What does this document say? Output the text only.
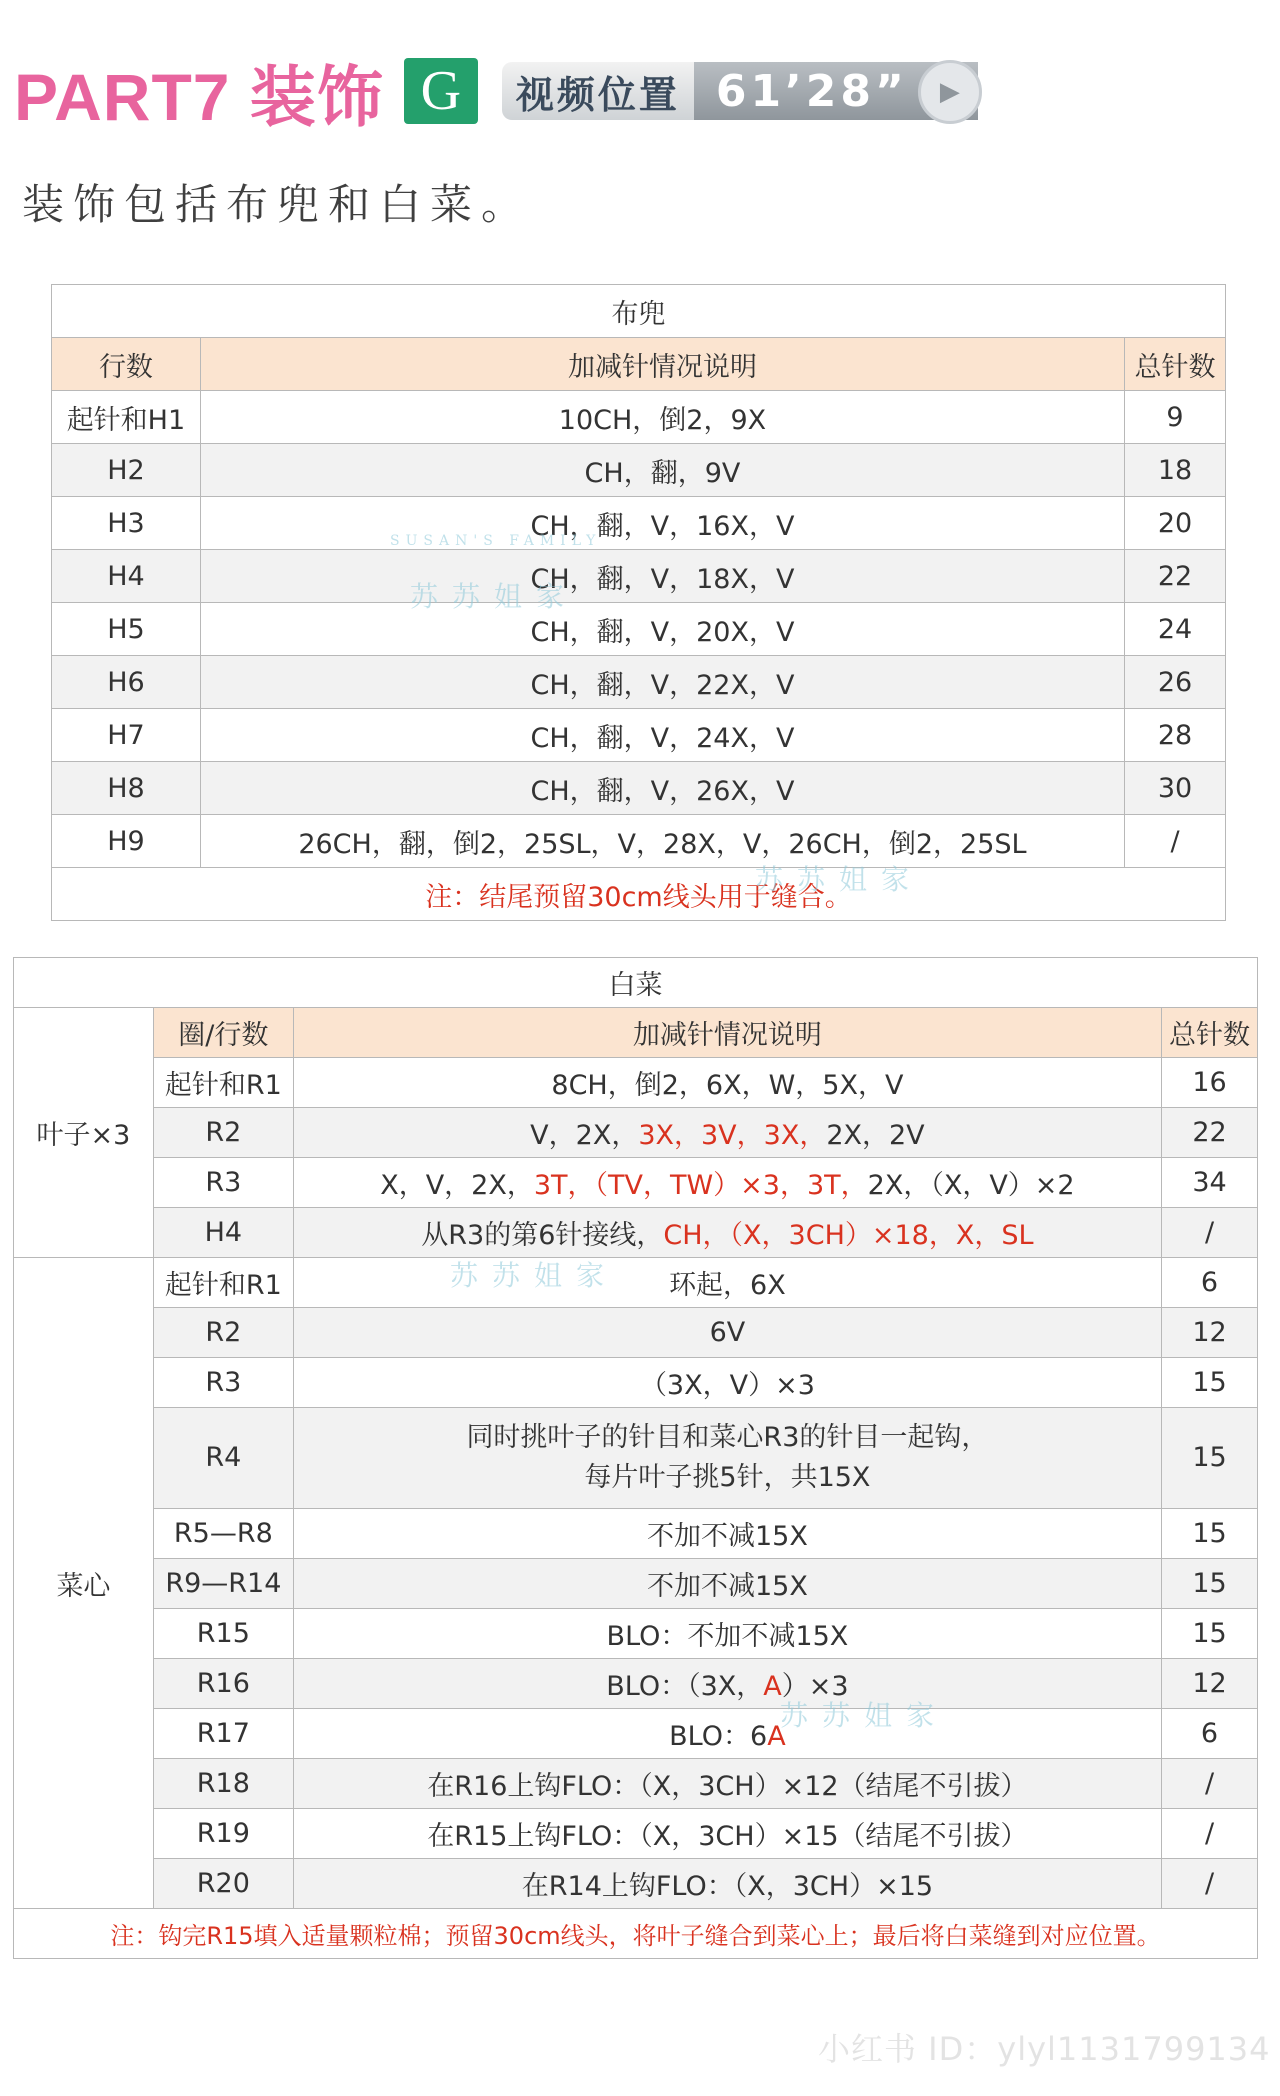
PART7 装饰 G	视频位置 61’28”	▶
装饰包括布兜和白菜。
布兜		
行数	加减针情况说明	总针数
起针和H1	10CH，倒2，9X	9
H2	CH，翻，9V	18
H3	CH，翻，V，16X，V	20
H4	CH，翻，V，18X，V	22
H5	CH，翻，V，20X，V	24
H6	CH，翻，V，22X，V	26
H7	CH，翻，V，24X，V	28
H8	CH，翻，V，26X，V	30
H9	26CH，翻，倒2，25SL，V，28X，V，26CH，倒2，25SL	/
注：结尾预留30cm线头用于缝合。		
白菜			
叶子×3	圈/行数	加减针情况说明	总针数
	起针和R1	8CH，倒2，6X，W，5X，V	16
	R2	V，2X，3X，3V，3X，2X，2V	22
	R3	X，V，2X，3T，（TV，TW）×3，3T，2X，（X，V）×2	34
	H4	从R3的第6针接线，CH，（X，3CH）×18，X，SL	/
菜心	起针和R1	环起，6X	6
	R2	6V	12
	R3	（3X，V）×3	15
	R4	同时挑叶子的针目和菜心R3的针目一起钩，
每片叶子挑5针，共15X	15
	R5—R8	不加不减15X	15
	R9—R14	不加不减15X	15
	R15	BLO：不加不减15X	15
	R16	BLO：（3X，A）×3	12
	R17	BLO：6A	6
	R18	在R16上钩FLO：（X，3CH）×12（结尾不引拔）	/
	R19	在R15上钩FLO：（X，3CH）×15（结尾不引拔）	/
	R20	在R14上钩FLO：（X，3CH）×15	/
注：钩完R15填入适量颗粒棉；预留30cm线头，将叶子缝合到菜心上；最后将白菜缝到对应位置。			
苏苏姐家
SUSAN'S FAMILY
苏苏姐家
苏苏姐家
苏苏姐家
小红书 ID：ylyl1131799134
